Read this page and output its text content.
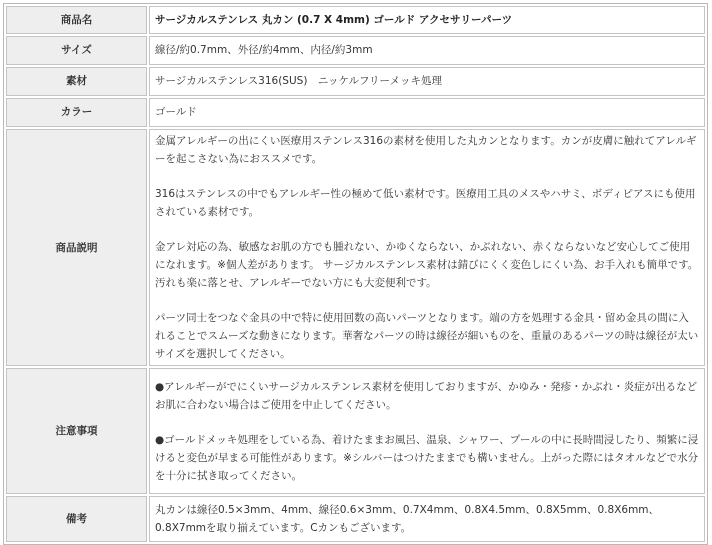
商品名	サージカルステンレス 丸カン (0.7 X 4mm) ゴールド アクセサリーパーツ
サイズ	線径/約0.7mm、外径/約4mm、内径/約3mm
素材	サージカルステンレス316(SUS)　ニッケルフリーメッキ処理
カラー	ゴールド
商品説明	金属アレルギーの出にくい医療用ステンレス316の素材を使用した丸カンとなります。カンが皮膚に触れてアレルギーを起こさない為におススメです。

316はステンレスの中でもアレルギー性の極めて低い素材です。医療用工具のメスやハサミ、ボディピアスにも使用されている素材です。

金アレ対応の為、敏感なお肌の方でも腫れない、かゆくならない、かぶれない、赤くならないなど安心してご使用になれます。※個人差があります。 サージカルステンレス素材は錆びにくく変色しにくい為、お手入れも簡単です。汚れも楽に落とせ、アレルギーでない方にも大変便利です。

パーツ同士をつなぐ金具の中で特に使用回数の高いパーツとなります。端の方を処理する金具・留め金具の間に入れることでスムーズな動きになります。華奢なパーツの時は線径が細いものを、重量のあるパーツの時は線径が太いサイズを選択してください。

注意事項	●アレルギーがでにくいサージカルステンレス素材を使用しておりますが、かゆみ・発疹・かぶれ・炎症が出るなどお肌に合わない場合はご使用を中止してください。

●ゴールドメッキ処理をしている為、着けたままお風呂、温泉、シャワー、プールの中に長時間浸したり、頻繁に浸けると変色が早まる可能性があります。※シルバーはつけたままでも構いません。上がった際にはタオルなどで水分を十分に拭き取ってください。

備考	丸カンは線径0.5×3mm、4mm、線径0.6×3mm、0.7X4mm、0.8X4.5mm、0.8X5mm、0.8X6mm、0.8X7mmを取り揃えています。Cカンもございます。
